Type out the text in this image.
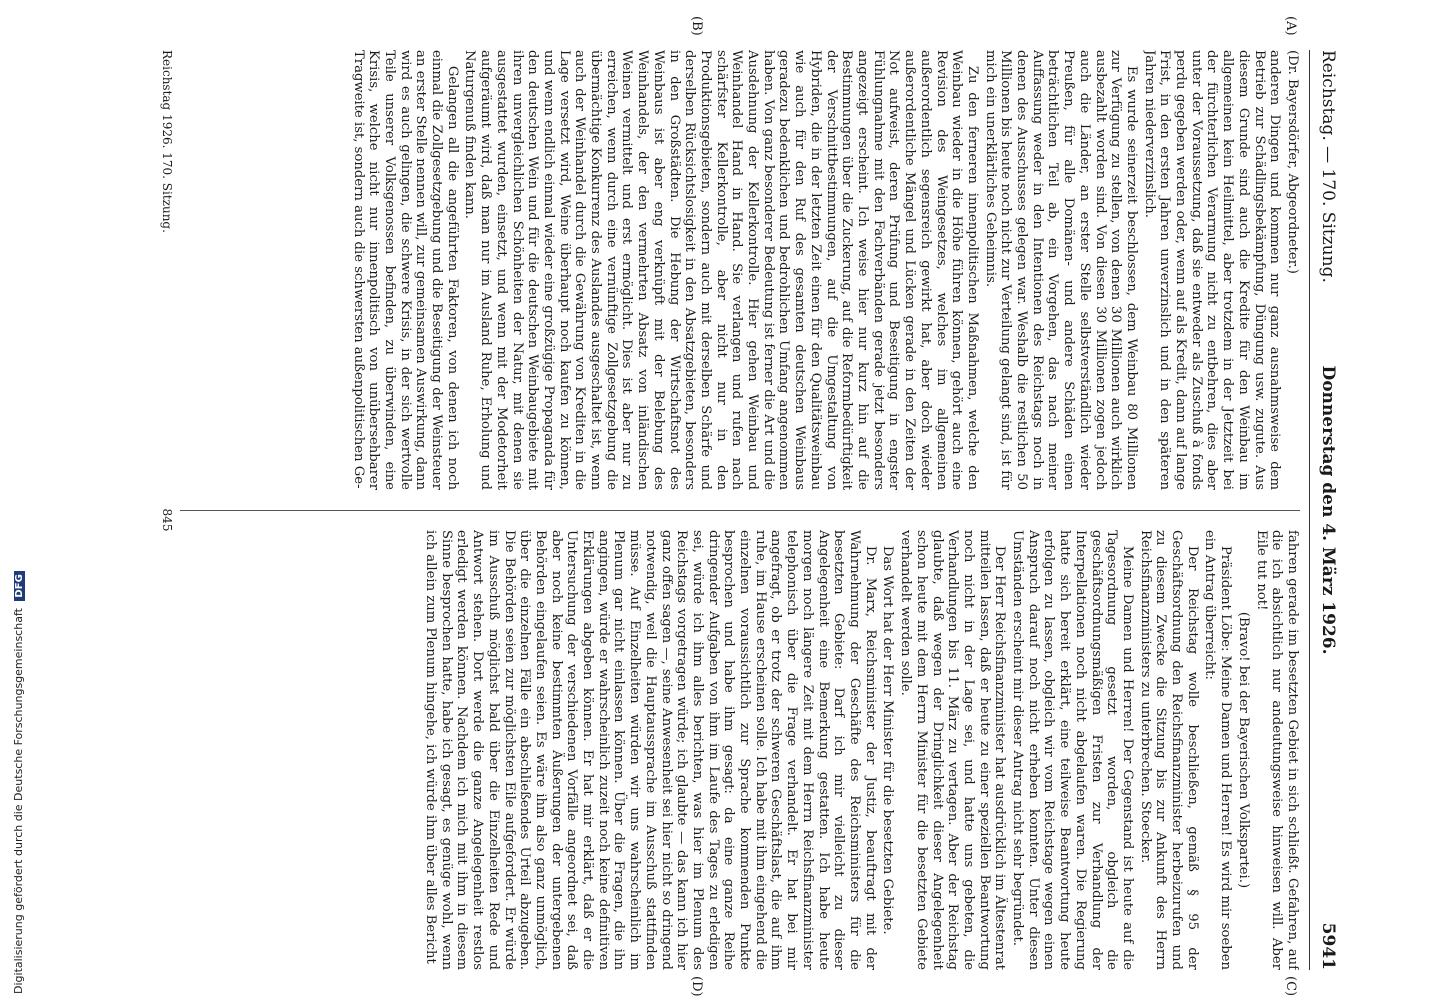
Reichstag. — 170. Sitzung.
Donnerstag den 4. März 1926.
5941
(A)
(B)
(C)
(D)

(Dr. Bayersdörfer, Abgeordneter.)

anderen Dingen und kommen nur ganz ausnahmsweise dem Betrieb zur Schädlingsbekämpfung, Düngung usw. zugute. Aus diesem Grunde sind auch die Kredite für den Weinbau im allgemeinen kein Heilmittel, aber trotzdem in der Jetztzeit bei der fürchterlichen Verarmung nicht zu entbehren, dies aber unter der Voraussetzung, daß sie entweder als Zuschuß à fonds perdu gegeben werden oder, wenn auf als Kredit, dann auf lange Frist, in den ersten Jahren unverzinslich und in den späteren Jahren niederverzinslich.

Es wurde seinerzeit beschlossen, dem Weinbau 80 Millionen zur Verfügung zu stellen, von denen 30 Millionen auch wirklich ausbezahlt worden sind. Von diesen 30 Millionen zogen jedoch auch die Länder, an erster Stelle selbstverständlich wieder Preußen, für alle Domänen- und andere Schäden einen beträchtlichen Teil ab, ein Vorgehen, das nach meiner Auffassung weder in den Intentionen des Reichstags noch in denen des Ausschusses gelegen war. Weshalb die restlichen 50 Millionen bis heute noch nicht zur Verteilung gelangt sind, ist für mich ein unerklärliches Geheimnis.

Zu den ferneren innenpolitischen Maßnahmen, welche den Weinbau wieder in die Höhe führen können, gehört auch eine Revision des Weingesetzes, welches im allgemeinen außerordentlich segensreich gewirkt hat, aber doch wieder außerordentliche Mängel und Lücken gerade in den Zeiten der Not aufweist, deren Prüfung und Beseitigung in engster Fühlungnahme mit den Fachverbänden gerade jetzt besonders angezeigt erscheint. Ich weise hier nur kurz hin auf die Bestimmungen über die Zuckerung, auf die Reformbedürftigkeit der Verschnittbestimmungen, auf die Umgestaltung von Hybriden, die in der letzten Zeit einen für den Qualitätsweinbau wie auch für den Ruf des gesamten deutschen Weinbaus geradezu bedenklichen und bedrohlichen Umfang angenommen haben. Von ganz besonderer Bedeutung ist ferner die Art und die Ausdehnung der Kellerkontrolle. Hier gehen Weinbau und Weinhandel Hand in Hand. Sie verlangen und rufen nach schärfster Kellerkontrolle, aber nicht nur in den Produktionsgebieten, sondern auch mit derselben Schärfe und derselben Rücksichtslosigkeit in den Absatzgebieten, besonders in den Großstädten. Die Hebung der Wirtschaftsnot des Weinbaus ist aber eng verknüpft mit der Belebung des Weinhandels, der den vermehrten Absatz von inländischen Weinen vermittelt und erst ermöglicht. Dies ist aber nur zu erreichen, wenn durch eine vernünftige Zollgesetzgebung die übermächtige Konkurrenz des Auslandes ausgeschaltet ist, wenn auch der Weinhandel durch die Gewährung von Krediten in die Lage versetzt wird, Weine überhaupt noch kaufen zu können, und wenn endlich einmal wieder eine großzügige Propaganda für den deutschen Wein und für die deutschen Weinbaugebiete mit ihren unvergleichlichen Schönheiten der Natur, mit denen sie ausgestattet wurden, einsetzt, und wenn mit der Modetorheit aufgeräumt wird, daß man nur im Ausland Ruhe, Erholung und Naturgenuß finden kann.

Gelangen all die angeführten Faktoren, von denen ich noch einmal die Zollgesetzgebung und die Beseitigung der Weinsteuer an erster Stelle nennen will, zur gemeinsamen Auswirkung, dann wird es auch gelingen, die schwere Krisis, in der sich wertvolle Teile unserer Volksgenossen befinden, zu überwinden, eine Krisis, welche nicht nur innenpolitisch von unübersehbarer Tragweite ist, sondern auch die schwersten außenpolitischen Ge-

fahren gerade im besetzten Gebiet in sich schließt. Gefahren, auf die ich absichtlich nur andeutungsweise hinweisen will. Aber Eile tut not!

(Bravo! bei der Bayerischen Volkspartei.)

Präsident Löbe: Meine Damen und Herren! Es wird mir soeben ein Antrag überreicht:

Der Reichstag wolle beschließen, gemäß § 95 der Geschäftsordnung den Reichsfinanzminister herbeizurufen und zu diesem Zwecke die Sitzung bis zur Ankunft des Herrn Reichsfinanzministers zu unterbrechen. Stoecker.

Meine Damen und Herren! Der Gegenstand ist heute auf die Tagesordnung gesetzt worden, obgleich die geschäftsordnungsmäßigen Fristen zur Verhandlung der Interpellationen noch nicht abgelaufen waren. Die Regierung hatte sich bereit erklärt, eine teilweise Beantwortung heute erfolgen zu lassen, obgleich wir vom Reichstage wegen einen Anspruch darauf noch nicht erheben konnten. Unter diesen Umständen erscheint mir dieser Antrag nicht sehr begründet.

Der Herr Reichsfinanzminister hat ausdrücklich im Ältestenrat mitteilen lassen, daß er heute zu einer speziellen Beantwortung noch nicht in der Lage sei, und hatte uns gebeten, die Verhandlungen bis 11. März zu vertagen. Aber der Reichstag glaubte, daß wegen der Dringlichkeit dieser Angelegenheit schon heute mit dem Herrn Minister für die besetzten Gebiete verhandelt werden solle.

Das Wort hat der Herr Minister für die besetzten Gebiete.

Dr. Marx, Reichsminister der Justiz, beauftragt mit der Wahrnehmung der Geschäfte des Reichsministers für die besetzten Gebiete: Darf ich mir vielleicht zu dieser Angelegenheit eine Bemerkung gestatten. Ich habe heute morgen noch längere Zeit mit dem Herrn Reichsfinanzminister telephonisch über die Frage verhandelt. Er hat bei mir angefragt, ob er trotz der schweren Geschäftslast, die auf ihm ruhe, im Hause erscheinen solle. Ich habe mit ihm eingehend die einzelnen voraussichtlich zur Sprache kommenden Punkte besprochen und habe ihm gesagt: da eine ganze Reihe dringender Aufgaben von ihm im Laufe des Tages zu erledigen sei, würde ich ihm alles berichten, was hier im Plenum des Reichstags vorgetragen würde; ich glaubte — das kann ich hier ganz offen sagen —, seine Anwesenheit sei hier nicht so dringend notwendig, weil die Hauptaussprache im Ausschuß stattfinden müsse. Auf Einzelheiten würden wir uns wahrscheinlich im Plenum gar nicht einlassen können. Über die Fragen, die ihn angingen, würde er wahrscheinlich zuzeit noch keine definitiven Erklärungen abgeben können. Er hat mir erklärt, daß er die Untersuchung der verschiedenen Vorfälle angeordnet sei, daß aber noch keine bestimmten Äußerungen der untergebenen Behörden eingelaufen seien. Es wäre ihm also ganz unmöglich, über die einzelnen Fälle ein abschließendes Urteil abzugeben. Die Behörden seien zur möglichsten Eile aufgefordert. Er würde im Ausschuß möglichst bald über die Einzelheiten Rede und Antwort stehen. Dort werde die ganze Angelegenheit restlos erledigt werden können. Nachdem ich mich mit ihm in diesem Sinne besprochen hatte, habe ich gesagt, es genüge wohl, wenn ich allein zum Plenum hingehe, ich würde ihm über alles Bericht

Reichstag 1926. 170. Sitzung.
845
Digitalisierung gefördert durch die Deutsche Forschungsgemeinschaft DFG
